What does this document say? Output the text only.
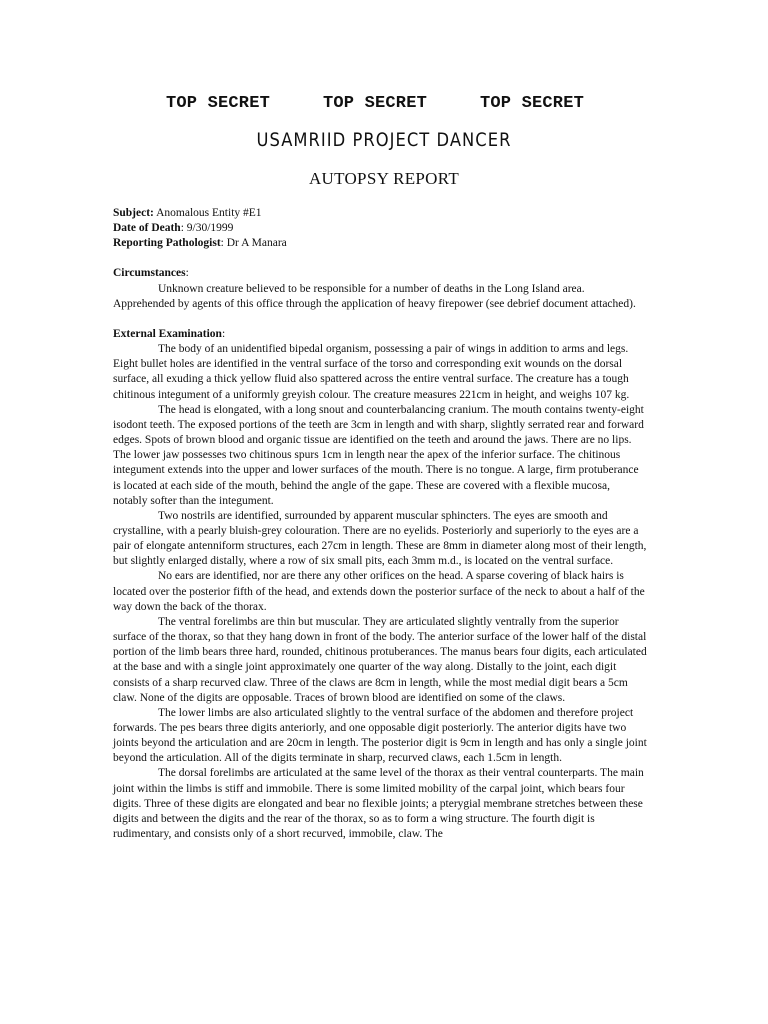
TOP SECRET	TOP SECRET	TOP SECRET
USAMRIID PROJECT DANCER
AUTOPSY REPORT

Subject: Anomalous Entity #E1

Date of Death: 9/30/1999

Reporting Pathologist: Dr A Manara

Circumstances:

Unknown creature believed to be responsible for a number of deaths in the Long Island area.

Apprehended by agents of this office through the application of heavy firepower (see debrief document attached).

External Examination:

The body of an unidentified bipedal organism, possessing a pair of wings in addition to arms and legs. Eight bullet holes are identified in the ventral surface of the torso and corresponding exit wounds on the dorsal surface, all exuding a thick yellow fluid also spattered across the entire ventral surface. The creature has a tough chitinous integument of a uniformly greyish colour. The creature measures 221cm in height, and weighs 107 kg.

The head is elongated, with a long snout and counterbalancing cranium. The mouth contains twenty-eight isodont teeth. The exposed portions of the teeth are 3cm in length and with sharp, slightly serrated rear and forward edges. Spots of brown blood and organic tissue are identified on the teeth and around the jaws. There are no lips. The lower jaw possesses two chitinous spurs 1cm in length near the apex of the inferior surface. The chitinous integument extends into the upper and lower surfaces of the mouth. There is no tongue. A large, firm protuberance is located at each side of the mouth, behind the angle of the gape. These are covered with a flexible mucosa, notably softer than the integument.

Two nostrils are identified, surrounded by apparent muscular sphincters. The eyes are smooth and crystalline, with a pearly bluish-grey colouration. There are no eyelids. Posteriorly and superiorly to the eyes are a pair of elongate antenniform structures, each 27cm in length. These are 8mm in diameter along most of their length, but slightly enlarged distally, where a row of six small pits, each 3mm m.d., is located on the ventral surface.

No ears are identified, nor are there any other orifices on the head. A sparse covering of black hairs is located over the posterior fifth of the head, and extends down the posterior surface of the neck to about a half of the way down the back of the thorax.

The ventral forelimbs are thin but muscular. They are articulated slightly ventrally from the superior surface of the thorax, so that they hang down in front of the body. The anterior surface of the lower half of the distal portion of the limb bears three hard, rounded, chitinous protuberances. The manus bears four digits, each articulated at the base and with a single joint approximately one quarter of the way along. Distally to the joint, each digit consists of a sharp recurved claw. Three of the claws are 8cm in length, while the most medial digit bears a 5cm claw. None of the digits are opposable. Traces of brown blood are identified on some of the claws.

The lower limbs are also articulated slightly to the ventral surface of the abdomen and therefore project forwards. The pes bears three digits anteriorly, and one opposable digit posteriorly. The anterior digits have two joints beyond the articulation and are 20cm in length. The posterior digit is 9cm in length and has only a single joint beyond the articulation. All of the digits terminate in sharp, recurved claws, each 1.5cm in length.

The dorsal forelimbs are articulated at the same level of the thorax as their ventral counterparts. The main joint within the limbs is stiff and immobile. There is some limited mobility of the carpal joint, which bears four digits. Three of these digits are elongated and bear no flexible joints; a pterygial membrane stretches between these digits and between the digits and the rear of the thorax, so as to form a wing structure. The fourth digit is rudimentary, and consists only of a short recurved, immobile, claw. The
